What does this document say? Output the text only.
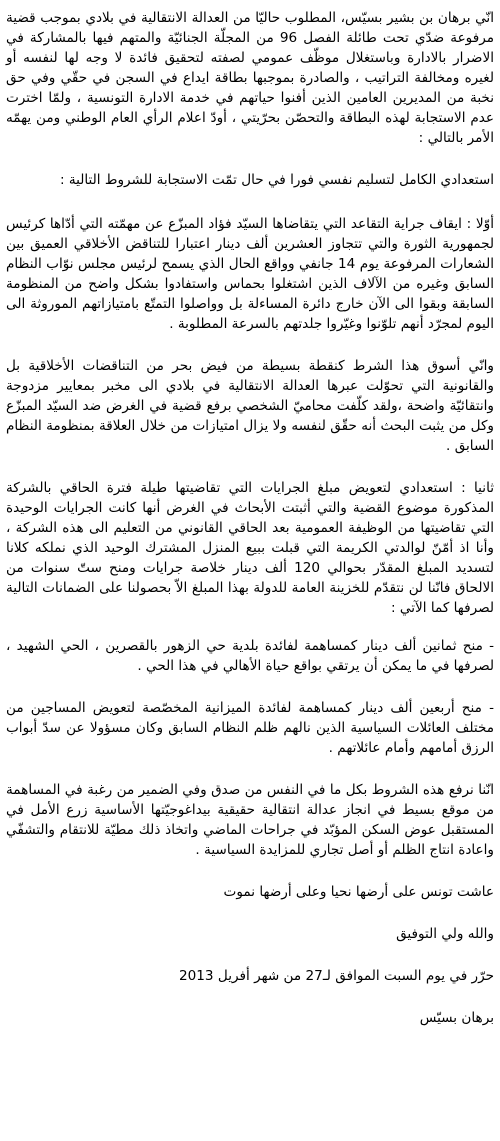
انّي برهان بن بشير بسيّس، المطلوب حاليّا من العدالة الانتقالية في بلادي بموجب قضية مرفوعة ضدّي تحت طائلة الفصل 96 من المجلّة الجنائيّة والمتهم فيها بالمشاركة في الاضرار بالادارة وباستغلال موظّف عمومي لصفته لتحقيق فائدة لا وجه لها لنفسه أو لغيره ومخالفة التراتيب ، والصادرة بموجبها بطاقة ايداع في السجن في حقّي وفي حق نخبة من المديرين العامين الذين أفنوا حياتهم في خدمة الادارة التونسية ، ولمّا اخترت عدم الاستجابة لهذه البطاقة والتحصّن بحرّيتي ، أودّ اعلام الرأي العام الوطني ومن يهمّه الأمر بالتالي :

استعدادي الكامل لتسليم نفسي فورا في حال تمّت الاستجابة للشروط التالية :

أوّلا : ايقاف جراية التقاعد التي يتقاضاها السيّد فؤاد المبزّع عن مهمّته التي أدّاها كرئيس لجمهورية الثورة والتي تتجاوز العشرين ألف دينار اعتبارا للتناقض الأخلاقي العميق بين الشعارات المرفوعة يوم 14 جانفي وواقع الحال الذي يسمح لرئيس مجلس نوّاب النظام السابق وغيره من الآلاف الذين اشتغلوا بحماس واستفادوا بشكل واضح من المنظومة السابقة وبقوا الى الآن خارج دائرة المساءلة بل وواصلوا التمتّع بامتيازاتهم الموروثة الى اليوم لمجرّد أنهم تلوّنوا وغيّروا جلدتهم بالسرعة المطلوبة .

وانّي أسوق هذا الشرط كنقطة بسيطة من فيض بحر من التناقضات الأخلاقية بل والقانونية التي تحوّلت عبرها العدالة الانتقالية في بلادي الى مخبر بمعايير مزدوجة وانتقائيّة واضحة ،ولقد كلّفت محاميّ الشخصي برفع قضية في الغرض ضد السيّد المبزّع وكل من يثبت البحث أنه حقّق لنفسه ولا يزال امتيازات من خلال العلاقة بمنظومة النظام السابق .

ثانيا : استعدادي لتعويض مبلغ الجرايات التي تقاضيتها طيلة فترة الحاقي بالشركة المذكورة موضوع القضية والتي أثبتت الأبحاث في الغرض أنها كانت الجرايات الوحيدة التي تقاضيتها من الوظيفة العمومية بعد الحاقي القانوني من التعليم الى هذه الشركة ، وأنا اذ أمّنّ لوالدتي الكريمة التي قبلت ببيع المنزل المشترك الوحيد الذي نملكه كلانا لتسديد المبلغ المقدّر بحوالي 120 ألف دينار خلاصة جرايات ومنح ستّ سنوات من الالحاق فانّنا لن نتقدّم للخزينة العامة للدولة بهذا المبلغ الاّ بحصولنا على الضمانات التالية لصرفها كما الآتي :

- منح ثمانين ألف دينار كمساهمة لفائدة بلدية حي الزهور بالقصرين ، الحي الشهيد ، لصرفها في ما يمكن أن يرتقي بواقع حياة الأهالي في هذا الحي .

- منح أربعين ألف دينار كمساهمة لفائدة الميزانية المخصّصة لتعويض المساجين من مختلف العائلات السياسية الذين نالهم ظلم النظام السابق وكان مسؤولا عن سدّ أبواب الرزق أمامهم وأمام عائلاتهم .

انّنا نرفع هذه الشروط بكل ما في النفس من صدق وفي الضمير من رغبة في المساهمة من موقع بسيط في انجاز عدالة انتقالية حقيقية بيداغوجيّتها الأساسية زرع الأمل في المستقبل عوض السكن المؤبّد في جراحات الماضي واتخاذ ذلك مطيّة للانتقام والتشفّي واعادة انتاج الظلم أو أصل تجاري للمزايدة السياسية .

عاشت تونس على أرضها نحيا وعلى أرضها نموت

والله ولي التوفيق

حرّر في يوم السبت الموافق لـ27 من شهر أفريل 2013

برهان بسيّس
